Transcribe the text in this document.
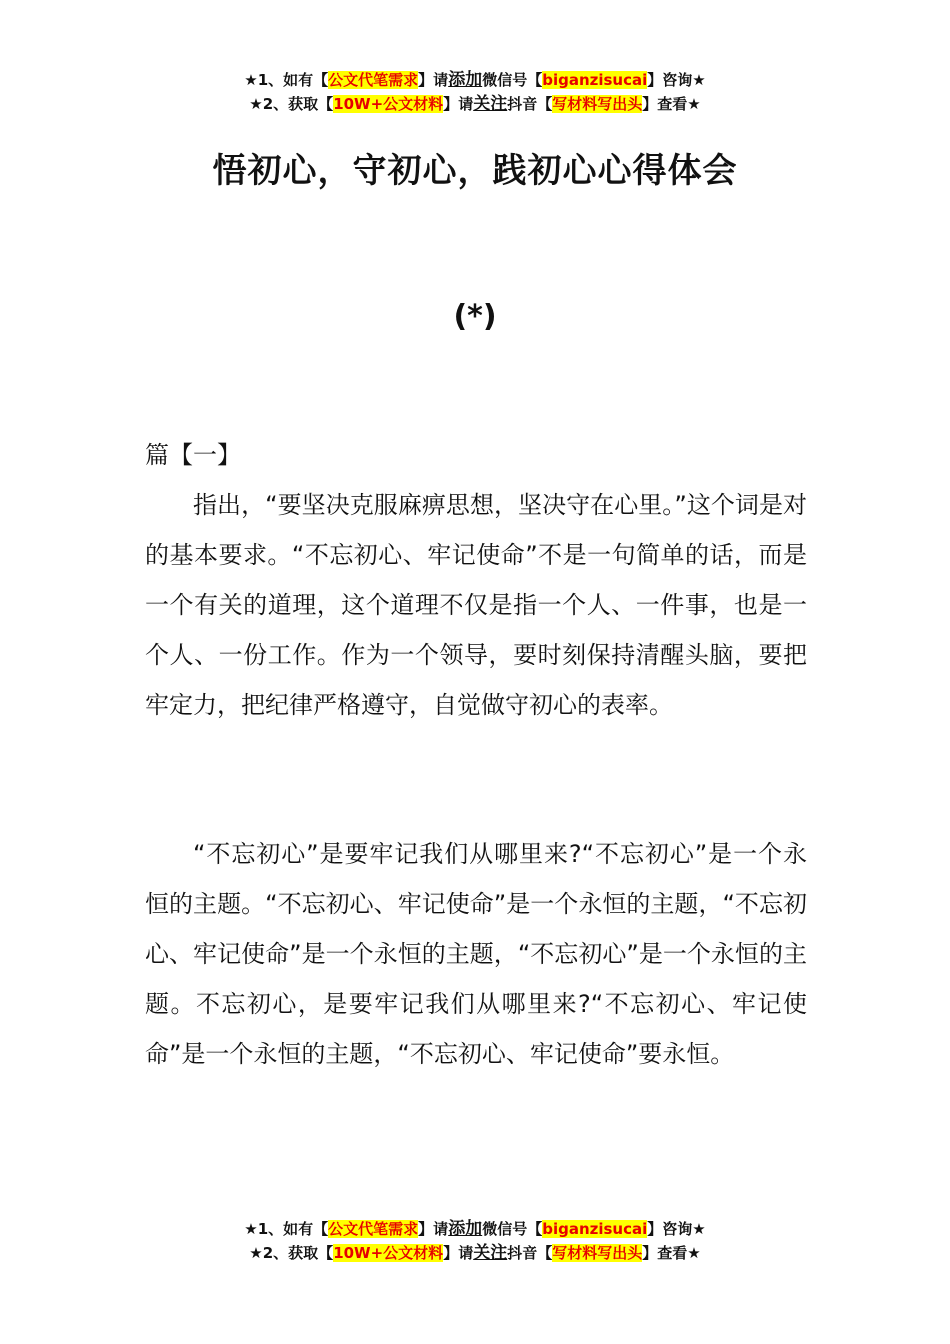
★1、如有【公文代笔需求】请添加微信号【biganzisucai】咨询★
★2、获取【10W+公文材料】请关注抖音【写材料写出头】查看★
悟初心，守初心，践初心心得体会
(*)
篇【一】
指出，“要坚决克服麻痹思想，坚决守在心里。”这个词是对的基本要求。“不忘初心、牢记使命”不是一句简单的话，而是一个有关的道理，这个道理不仅是指一个人、一件事，也是一个人、一份工作。作为一个领导，要时刻保持清醒头脑，要把牢定力，把纪律严格遵守，自觉做守初心的表率。
“不忘初心”是要牢记我们从哪里来?“不忘初心”是一个永恒的主题。“不忘初心、牢记使命”是一个永恒的主题，“不忘初心、牢记使命”是一个永恒的主题，“不忘初心”是一个永恒的主题。不忘初心，是要牢记我们从哪里来?“不忘初心、牢记使命”是一个永恒的主题，“不忘初心、牢记使命”要永恒。
★1、如有【公文代笔需求】请添加微信号【biganzisucai】咨询★
★2、获取【10W+公文材料】请关注抖音【写材料写出头】查看★
